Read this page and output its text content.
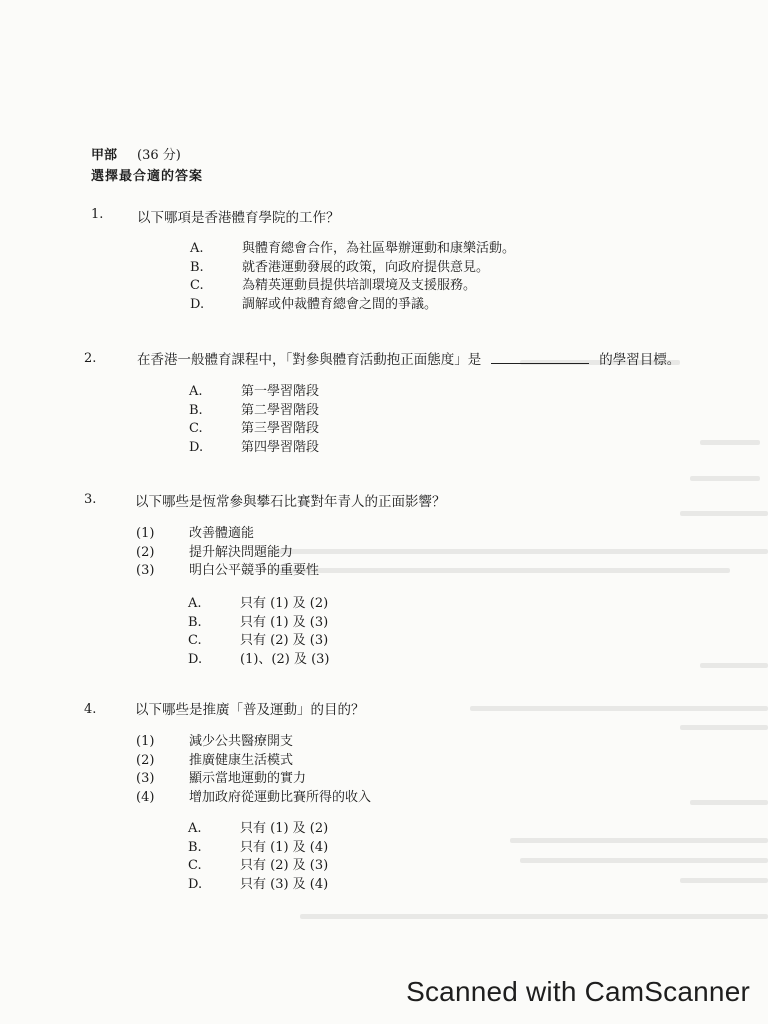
甲部 (36 分)
選擇最合適的答案
1. 以下哪項是香港體育學院的工作？
A.	與體育總會合作，為社區舉辦運動和康樂活動。
B.	就香港運動發展的政策，向政府提供意見。
C.	為精英運動員提供培訓環境及支援服務。
D.	調解或仲裁體育總會之間的爭議。
2.	在香港一般體育課程中，「對參與體育活動抱正面態度」是	的學習目標。
A.	第一學習階段
B.	第二學習階段
C.	第三學習階段
D.	第四學習階段
3.	以下哪些是恆常參與攀石比賽對年青人的正面影響？
(1)	改善體適能
(2)	提升解決問題能力
(3)	明白公平競爭的重要性
A.	只有 (1) 及 (2)
B.	只有 (1) 及 (3)
C.	只有 (2) 及 (3)
D.	(1)、(2) 及 (3)
4.	以下哪些是推廣「普及運動」的目的？
(1)	減少公共醫療開支
(2)	推廣健康生活模式
(3)	顯示當地運動的實力
(4)	增加政府從運動比賽所得的收入
A.	只有 (1) 及 (2)
B.	只有 (1) 及 (4)
C.	只有 (2) 及 (3)
D.	只有 (3) 及 (4)
Scanned with CamScanner
